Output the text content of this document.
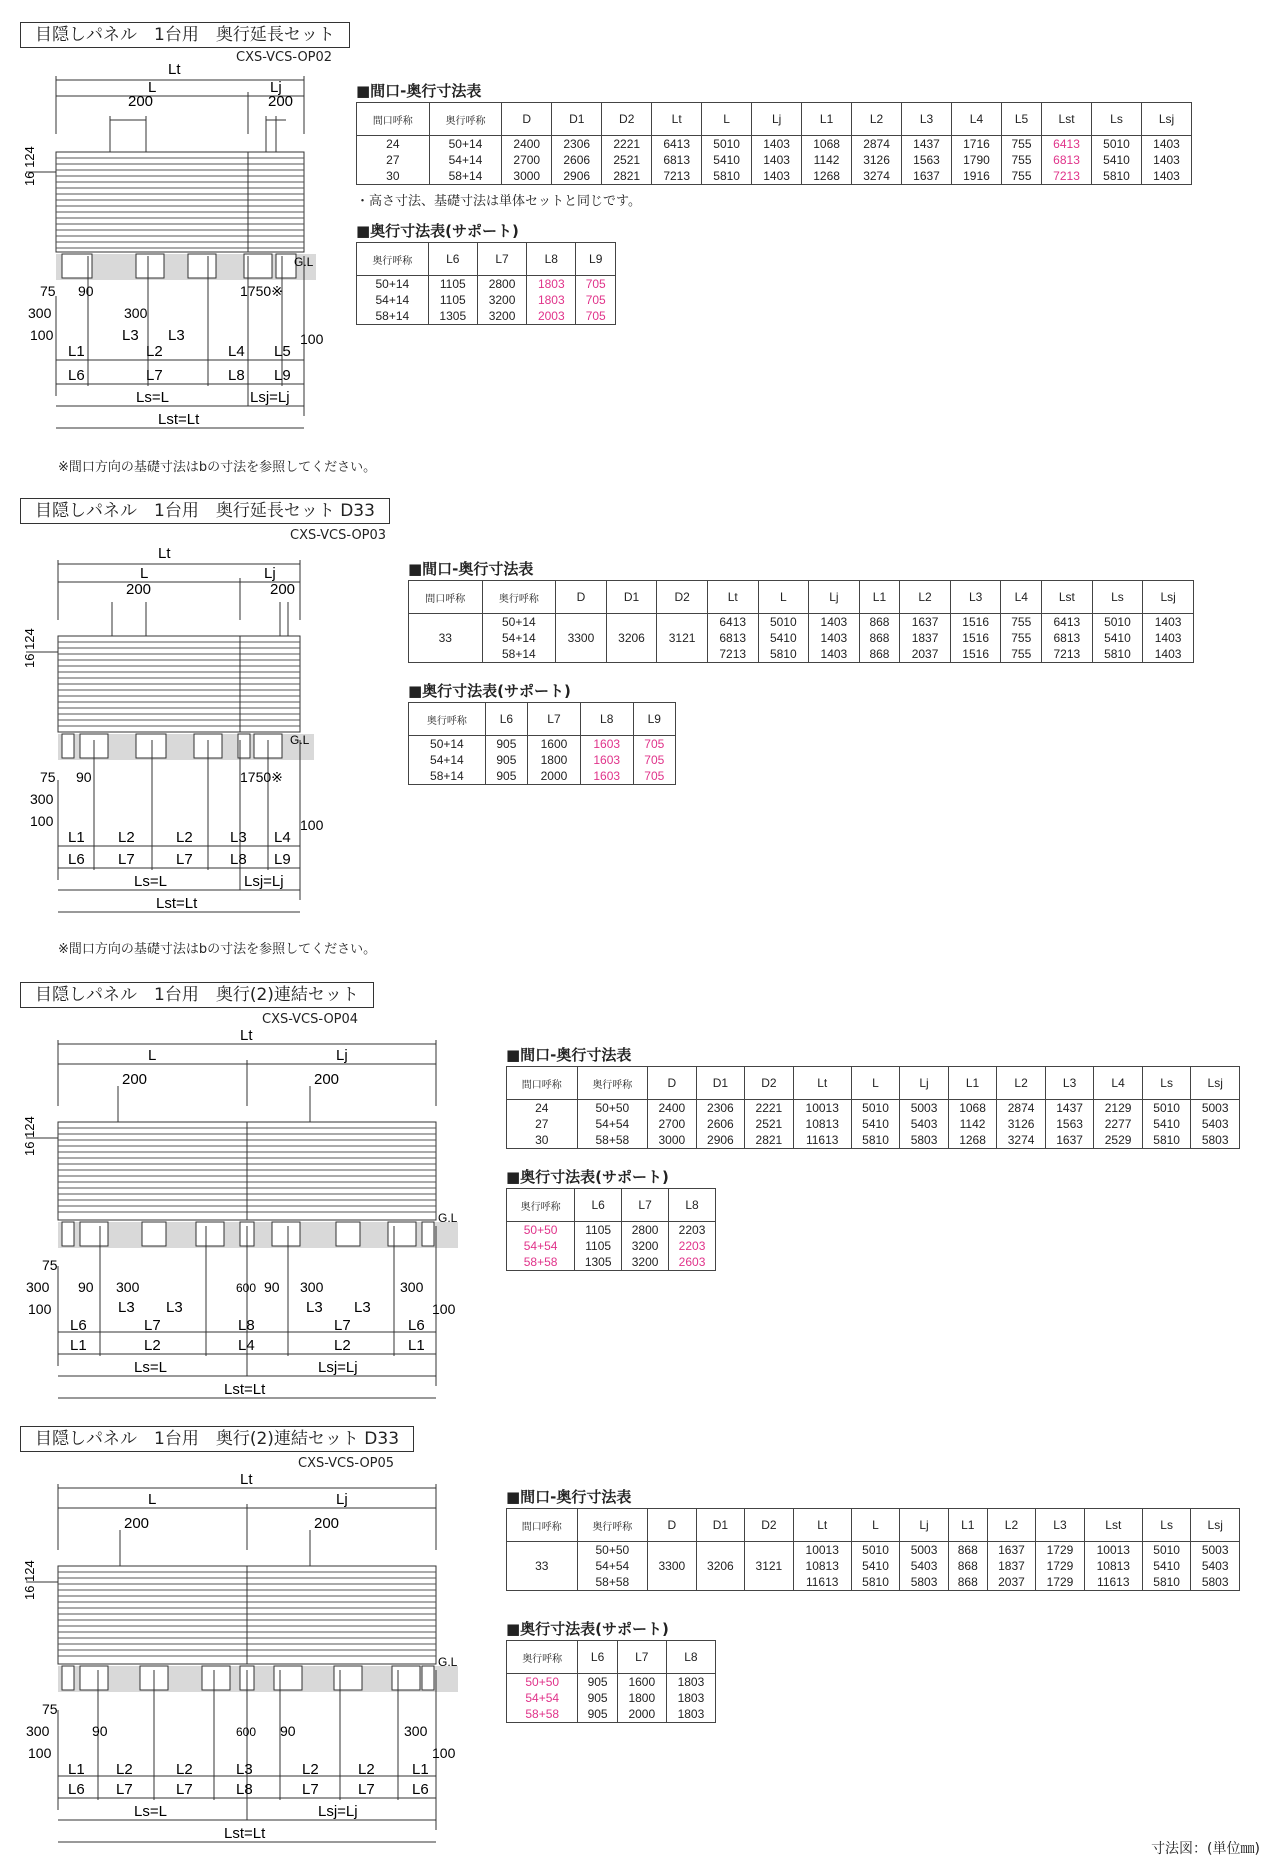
目隠しパネル　1台用　奥行延長セット
CXS-VCS-OP02
16 124
G.L
200	200
Lt
L	Lj
75
300
100
90
300
1750※
100
L3 L3
L1	L2	L4 L5
L6	L7	L8 L9
Ls=L	Lsj=Lj
Lst=Lt
※間口方向の基礎寸法はbの寸法を参照してください。
■間口-奥行寸法表
間口呼称	奥行呼称	D	D1	D2	Lt	L	Lj	L1	L2	L3	L4	L5	Lst	Ls	Lsj
24	50+14	2400	2306	2221	6413	5010	1403	1068	2874	1437	1716	755	6413	5010	1403
27	54+14	2700	2606	2521	6813	5410	1403	1142	3126	1563	1790	755	6813	5410	1403
30	58+14	3000	2906	2821	7213	5810	1403	1268	3274	1637	1916	755	7213	5810	1403
・高さ寸法、基礎寸法は単体セットと同じです。
■奥行寸法表(サポート)
奥行呼称	L6	L7	L8	L9
50+14	1105	2800	1803	705
54+14	1105	3200	1803	705
58+14	1305	3200	2003	705
目隠しパネル　1台用　奥行延長セット D33
CXS-VCS-OP03
16 124
G.L
200	200
Lt
L	Lj
75
300
100
90	1750※
100
L1 L2	L2 L3 L4
L6 L7	L7 L8 L9
Ls=L	Lsj=Lj
Lst=Lt
※間口方向の基礎寸法はbの寸法を参照してください。
■間口-奥行寸法表
間口呼称	奥行呼称	D	D1	D2	Lt	L	Lj	L1	L2	L3	L4	Lst	Ls	Lsj
33	50+14	3300	3206	3121	6413	5010	1403	868	1637	1516	755	6413	5010	1403
	54+14				6813	5410	1403	868	1837	1516	755	6813	5410	1403
	58+14				7213	5810	1403	868	2037	1516	755	7213	5810	1403
■奥行寸法表(サポート)
奥行呼称	L6	L7	L8	L9
50+14	905	1600	1603	705
54+14	905	1800	1603	705
58+14	905	2000	1603	705
目隠しパネル　1台用　奥行(2)連結セット
CXS-VCS-OP04
16 124
G.L
200	200
Lt
L	Lj
75
300
100
90 300	600 90 300	300
100
L3 L3	L3 L3
L6	L7	L8	L7	L6
L1	L2	L4	L2	L1
Ls=L	Lsj=Lj
Lst=Lt
■間口-奥行寸法表
間口呼称	奥行呼称	D	D1	D2	Lt	L	Lj	L1	L2	L3	L4	Ls	Lsj
24	50+50	2400	2306	2221	10013	5010	5003	1068	2874	1437	2129	5010	5003
27	54+54	2700	2606	2521	10813	5410	5403	1142	3126	1563	2277	5410	5403
30	58+58	3000	2906	2821	11613	5810	5803	1268	3274	1637	2529	5810	5803
■奥行寸法表(サポート)
奥行呼称	L6	L7	L8
50+50	1105	2800	2203
54+54	1105	3200	2203
58+58	1305	3200	2603
目隠しパネル　1台用　奥行(2)連結セット D33
CXS-VCS-OP05
16 124
G.L
200	200
Lt
L	Lj
75
300
100
90	600 90	300
100
L1 L2	L2	L3	L2	L2 L1
L6 L7	L7	L8	L7	L7 L6
Ls=L	Lsj=Lj
Lst=Lt
■間口-奥行寸法表
間口呼称	奥行呼称	D	D1	D2	Lt	L	Lj	L1	L2	L3	Lst	Ls	Lsj
33	50+50	3300	3206	3121	10013	5010	5003	868	1637	1729	10013	5010	5003
	54+54				10813	5410	5403	868	1837	1729	10813	5410	5403
	58+58				11613	5810	5803	868	2037	1729	11613	5810	5803
■奥行寸法表(サポート)
奥行呼称	L6	L7	L8
50+50	905	1600	1803
54+54	905	1800	1803
58+58	905	2000	1803
寸法図：(単位㎜)
